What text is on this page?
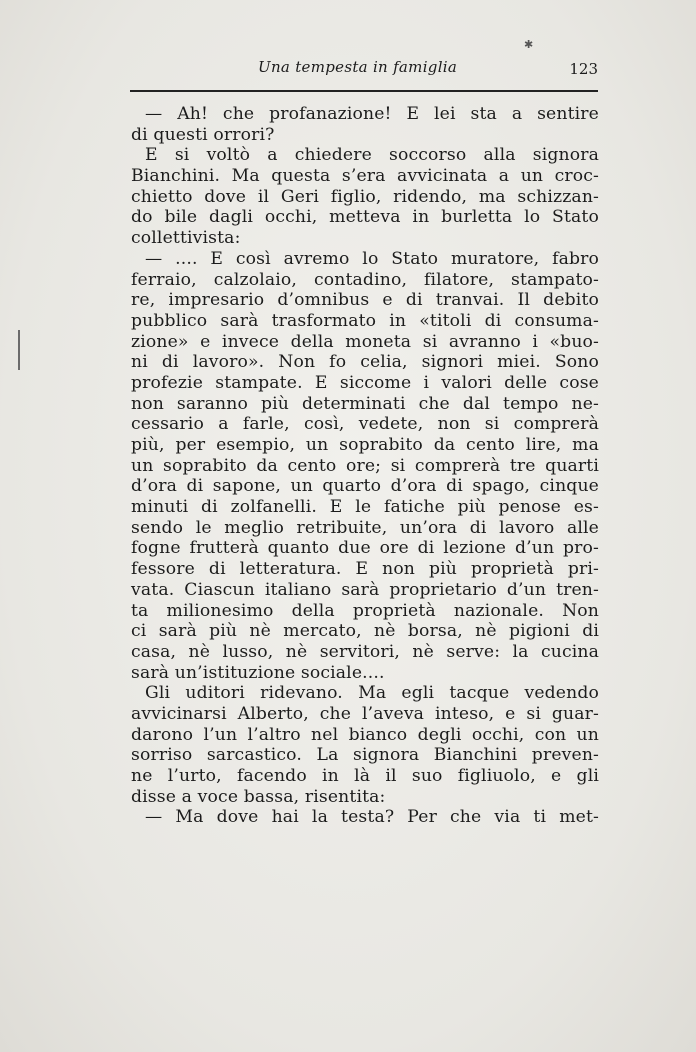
✱
Una tempesta in famiglia	123
— Ah! che profanazione! E lei sta a sentire
di questi orrori?
E si voltò a chiedere soccorso alla signora
Bianchini. Ma questa s’era avvicinata a un croc-
chietto dove il Geri figlio, ridendo, ma schizzan-
do bile dagli occhi, metteva in burletta lo Stato
collettivista:
— .... E così avremo lo Stato muratore, fabro
ferraio, calzolaio, contadino, filatore, stampato-
re, impresario d’omnibus e di tranvai. Il debito
pubblico sarà trasformato in «titoli di consuma-
zione» e invece della moneta si avranno i «buo-
ni di lavoro». Non fo celia, signori miei. Sono
profezie stampate. E siccome i valori delle cose
non saranno più determinati che dal tempo ne-
cessario a farle, così, vedete, non si comprerà
più, per esempio, un soprabito da cento lire, ma
un soprabito da cento ore; si comprerà tre quarti
d’ora di sapone, un quarto d’ora di spago, cinque
minuti di zolfanelli. E le fatiche più penose es-
sendo le meglio retribuite, un’ora di lavoro alle
fogne frutterà quanto due ore di lezione d’un pro-
fessore di letteratura. E non più proprietà pri-
vata. Ciascun italiano sarà proprietario d’un tren-
ta milionesimo della proprietà nazionale. Non
ci sarà più nè mercato, nè borsa, nè pigioni di
casa, nè lusso, nè servitori, nè serve: la cucina
sarà un’istituzione sociale....
Gli uditori ridevano. Ma egli tacque vedendo
avvicinarsi Alberto, che l’aveva inteso, e si guar-
darono l’un l’altro nel bianco degli occhi, con un
sorriso sarcastico. La signora Bianchini preven-
ne l’urto, facendo in là il suo figliuolo, e gli
disse a voce bassa, risentita:
— Ma dove hai la testa? Per che via ti met-
